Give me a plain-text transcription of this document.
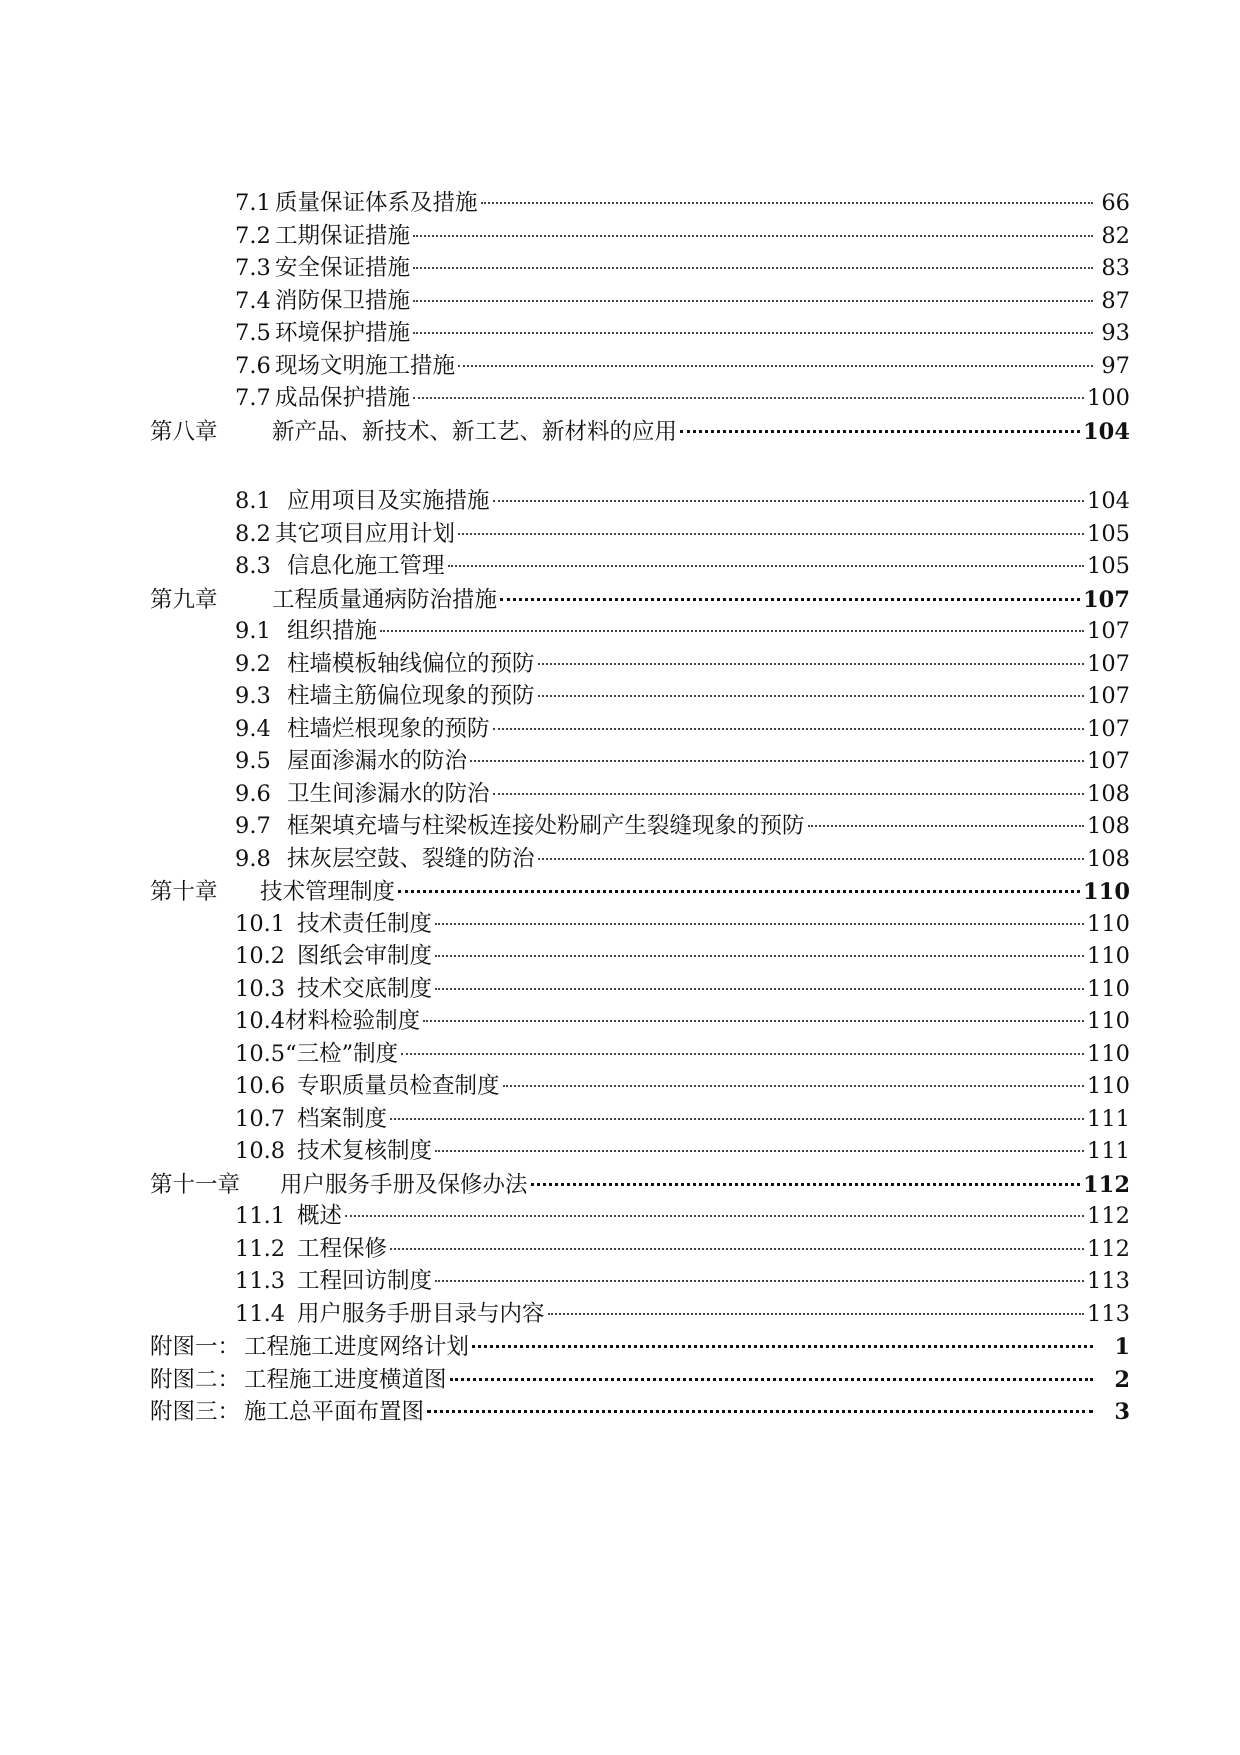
7.1 质量保证体系及措施	66
7.2 工期保证措施	82
7.3 安全保证措施	83
7.4 消防保卫措施	87
7.5 环境保护措施	93
7.6 现场文明施工措施	97
7.7 成品保护措施	100
第八章	新产品、新技术、新工艺、新材料的应用	104
8.1 应用项目及实施措施	104
8.2 其它项目应用计划	105
8.3 信息化施工管理	105
第九章	工程质量通病防治措施	107
9.1 组织措施	107
9.2 柱墙模板轴线偏位的预防	107
9.3 柱墙主筋偏位现象的预防	107
9.4 柱墙烂根现象的预防	107
9.5 屋面渗漏水的防治	107
9.6 卫生间渗漏水的防治	108
9.7 框架填充墙与柱梁板连接处粉刷产生裂缝现象的预防	108
9.8 抹灰层空鼓、裂缝的防治	108
第十章	技术管理制度	110
10.1 技术责任制度	110
10.2 图纸会审制度	110
10.3 技术交底制度	110
10.4 材料检验制度	110
10.5 “三检”制度	110
10.6 专职质量员检查制度	110
10.7 档案制度	111
10.8 技术复核制度	111
第十一章	用户服务手册及保修办法	112
11.1 概述	112
11.2 工程保修	112
11.3 工程回访制度	113
11.4 用户服务手册目录与内容	113
附图一： 工程施工进度网络计划	1
附图二： 工程施工进度横道图	2
附图三： 施工总平面布置图	3
